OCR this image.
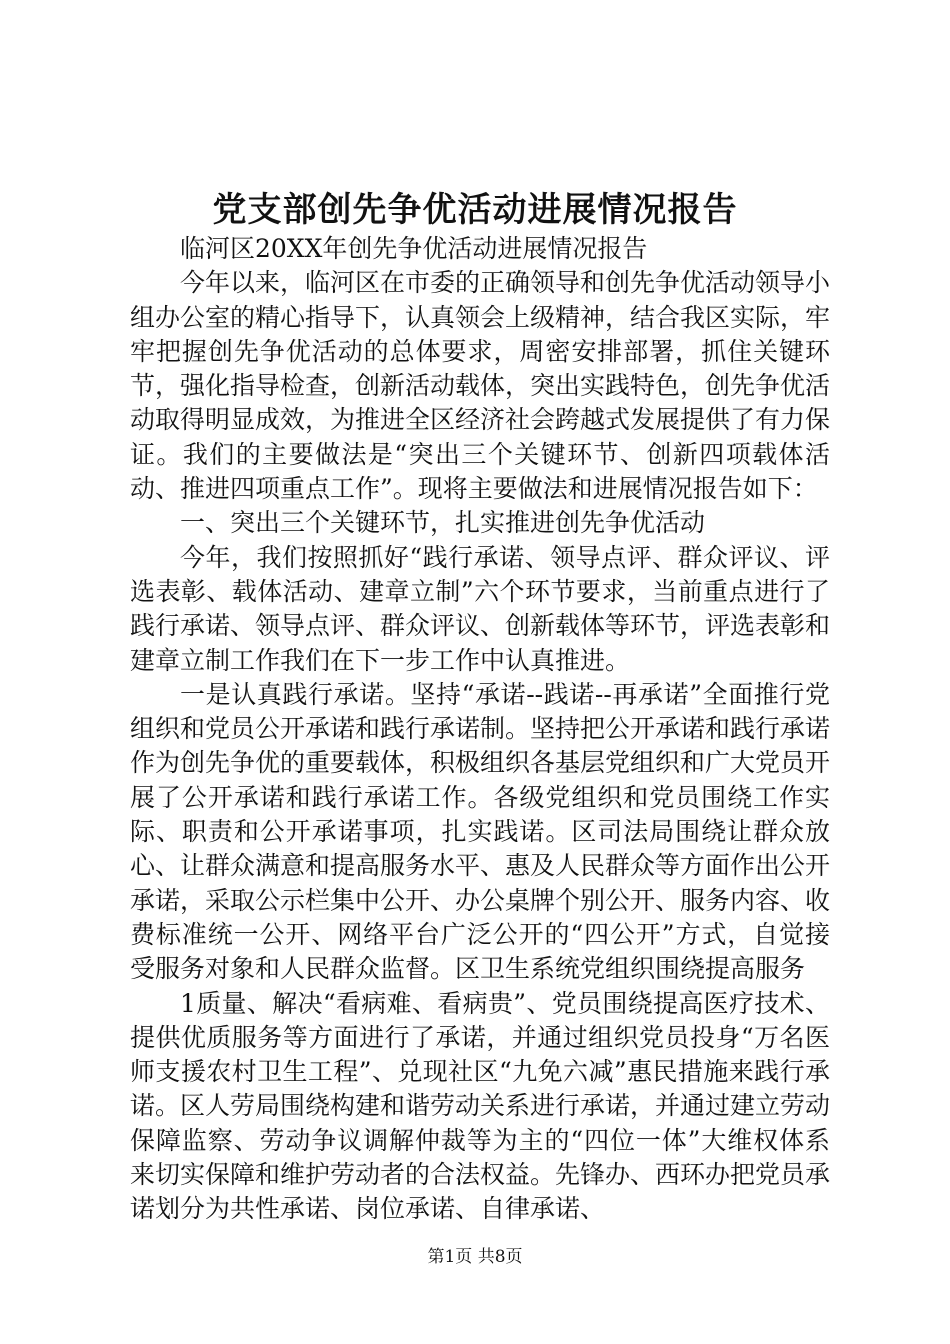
党支部创先争优活动进展情况报告

临河区20XX年创先争优活动进展情况报告

今年以来，临河区在市委的正确领导和创先争优活动领导小组办公室的精心指导下，认真领会上级精神，结合我区实际，牢牢把握创先争优活动的总体要求，周密安排部署，抓住关键环节，强化指导检查，创新活动载体，突出实践特色，创先争优活动取得明显成效，为推进全区经济社会跨越式发展提供了有力保证。我们的主要做法是“突出三个关键环节、创新四项载体活动、推进四项重点工作”。现将主要做法和进展情况报告如下：

一、突出三个关键环节，扎实推进创先争优活动

今年，我们按照抓好“践行承诺、领导点评、群众评议、评选表彰、载体活动、建章立制”六个环节要求，当前重点进行了践行承诺、领导点评、群众评议、创新载体等环节，评选表彰和建章立制工作我们在下一步工作中认真推进。

一是认真践行承诺。坚持“承诺--践诺--再承诺”全面推行党组织和党员公开承诺和践行承诺制。坚持把公开承诺和践行承诺作为创先争优的重要载体，积极组织各基层党组织和广大党员开展了公开承诺和践行承诺工作。各级党组织和党员围绕工作实际、职责和公开承诺事项，扎实践诺。区司法局围绕让群众放心、让群众满意和提高服务水平、惠及人民群众等方面作出公开承诺，采取公示栏集中公开、办公桌牌个别公开、服务内容、收费标准统一公开、网络平台广泛公开的“四公开”方式，自觉接受服务对象和人民群众监督。区卫生系统党组织围绕提高服务

1质量、解决“看病难、看病贵”、党员围绕提高医疗技术、提供优质服务等方面进行了承诺，并通过组织党员投身“万名医师支援农村卫生工程”、兑现社区“九免六减”惠民措施来践行承诺。区人劳局围绕构建和谐劳动关系进行承诺，并通过建立劳动保障监察、劳动争议调解仲裁等为主的“四位一体”大维权体系来切实保障和维护劳动者的合法权益。先锋办、西环办把党员承诺划分为共性承诺、岗位承诺、自律承诺、

第1页 共8页
